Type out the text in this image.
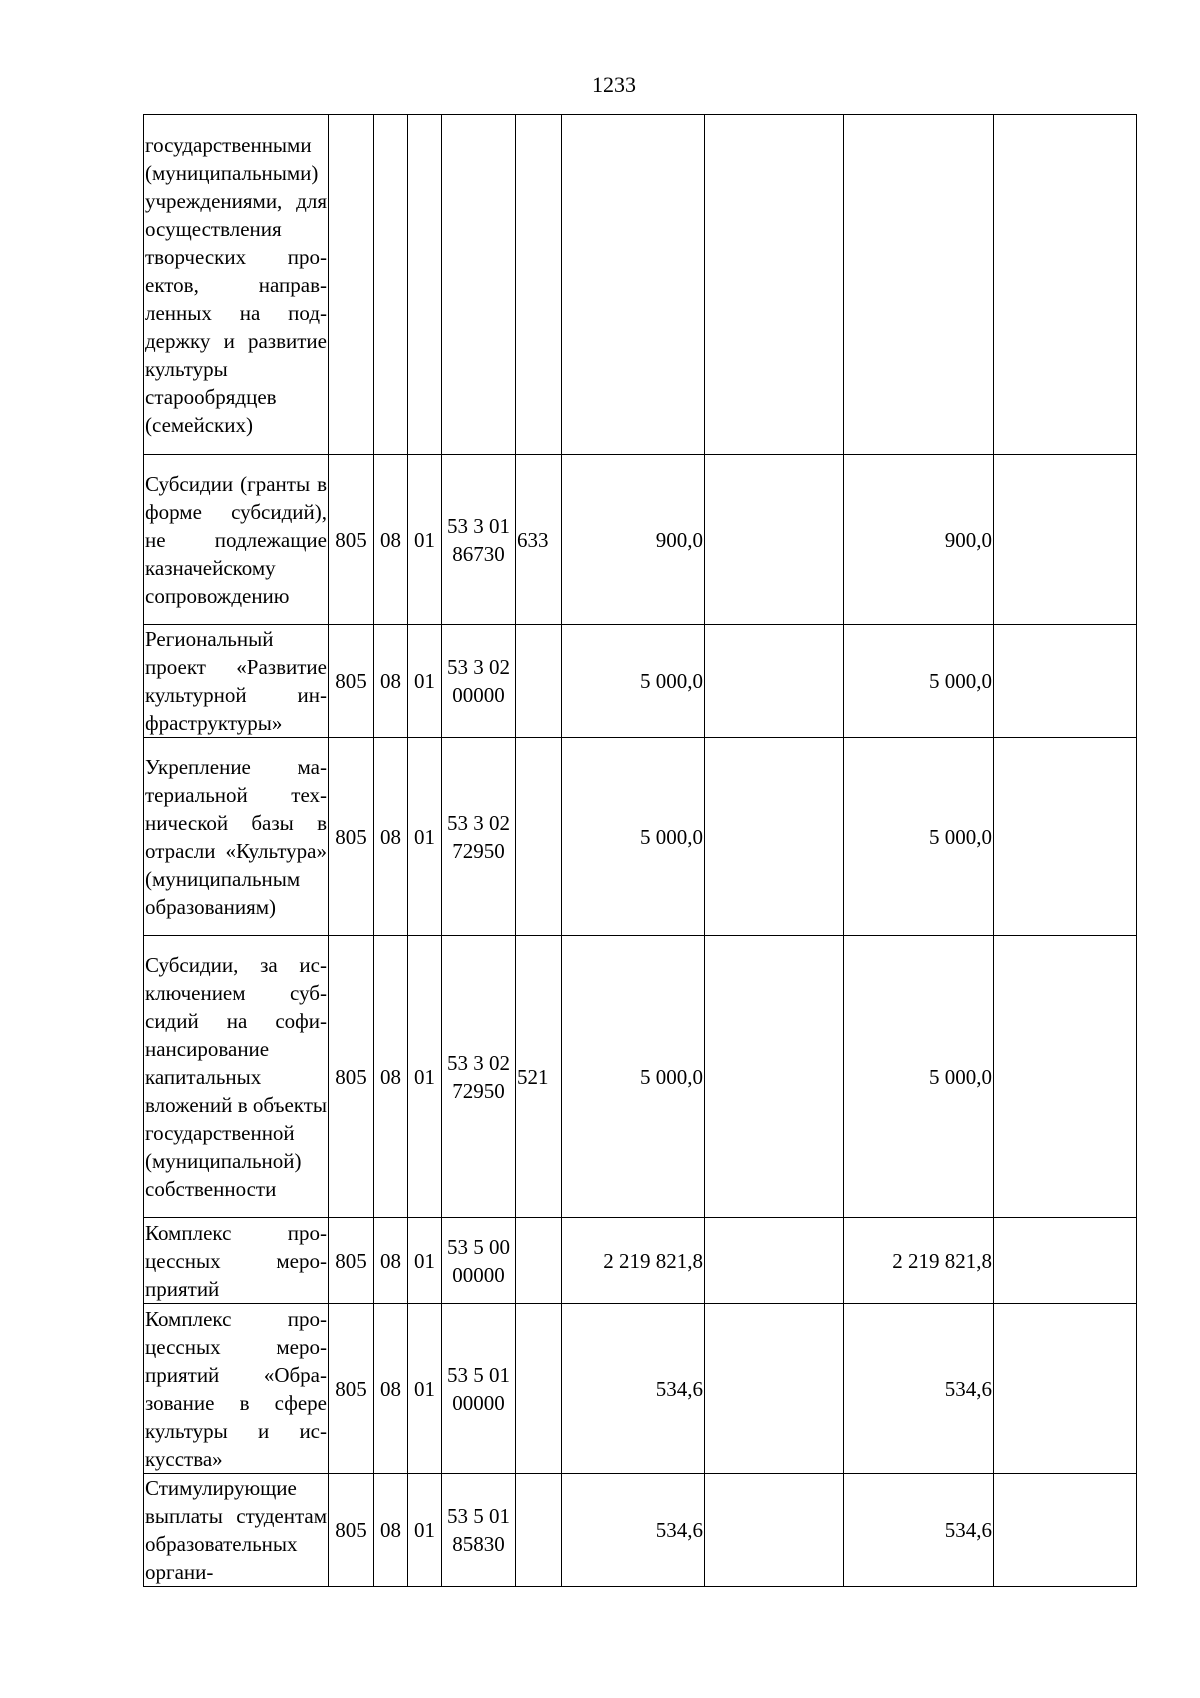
1233
государственными (муниципальными) учреждениями, для осуществления творческих проектов, направленных на поддержку и развитие культуры старообрядцев (семейских)									
Субсидии (гранты в форме субсидий), не подлежащие казначейскому сопровождению	805	08	01	53 3 01 86730	633	900,0		900,0	
Региональный проект «Развитие культурной инфраструктуры»	805	08	01	53 3 02 00000		5 000,0		5 000,0	
Укрепление материальной технической базы в отрасли «Культура» (муниципальным образованиям)	805	08	01	53 3 02 72950		5 000,0		5 000,0	
Субсидии, за исключением субсидий на софинансирование капитальных вложений в объекты государственной (муниципальной) собственности	805	08	01	53 3 02 72950	521	5 000,0		5 000,0	
Комплекс процессных мероприятий	805	08	01	53 5 00 00000		2 219 821,8		2 219 821,8	
Комплекс процессных мероприятий «Образование в сфере культуры и искусства»	805	08	01	53 5 01 00000		534,6		534,6	
Стимулирующие выплаты студентам образовательных органи-	805	08	01	53 5 01 85830		534,6		534,6	
